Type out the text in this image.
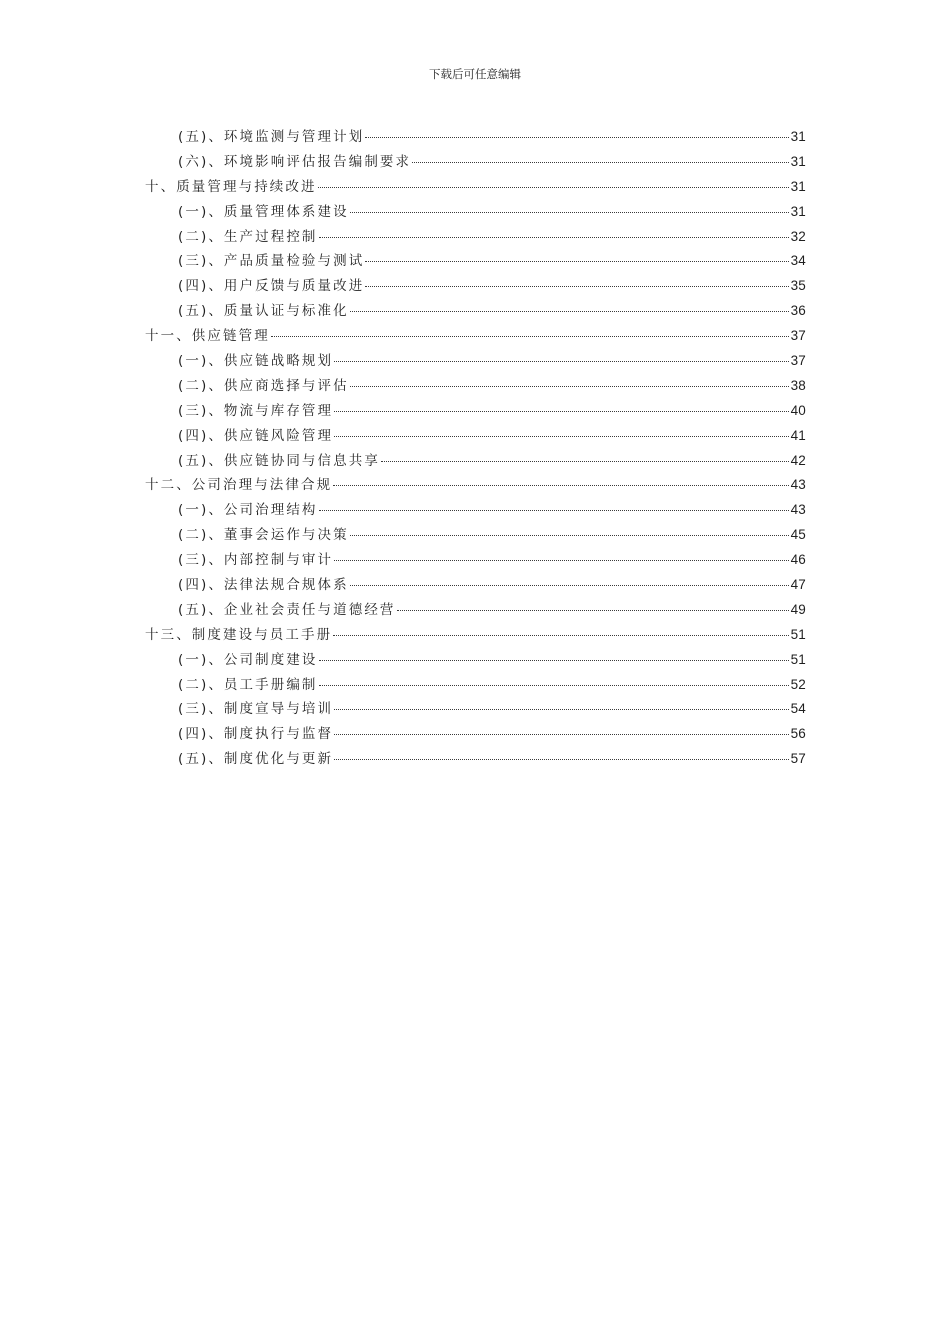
下载后可任意编辑
(五)、环境监测与管理计划	31
(六)、环境影响评估报告编制要求	31
十、质量管理与持续改进	31
(一)、质量管理体系建设	31
(二)、生产过程控制	32
(三)、产品质量检验与测试	34
(四)、用户反馈与质量改进	35
(五)、质量认证与标准化	36
十一、供应链管理	37
(一)、供应链战略规划	37
(二)、供应商选择与评估	38
(三)、物流与库存管理	40
(四)、供应链风险管理	41
(五)、供应链协同与信息共享	42
十二、公司治理与法律合规	43
(一)、公司治理结构	43
(二)、董事会运作与决策	45
(三)、内部控制与审计	46
(四)、法律法规合规体系	47
(五)、企业社会责任与道德经营	49
十三、制度建设与员工手册	51
(一)、公司制度建设	51
(二)、员工手册编制	52
(三)、制度宣导与培训	54
(四)、制度执行与监督	56
(五)、制度优化与更新	57
